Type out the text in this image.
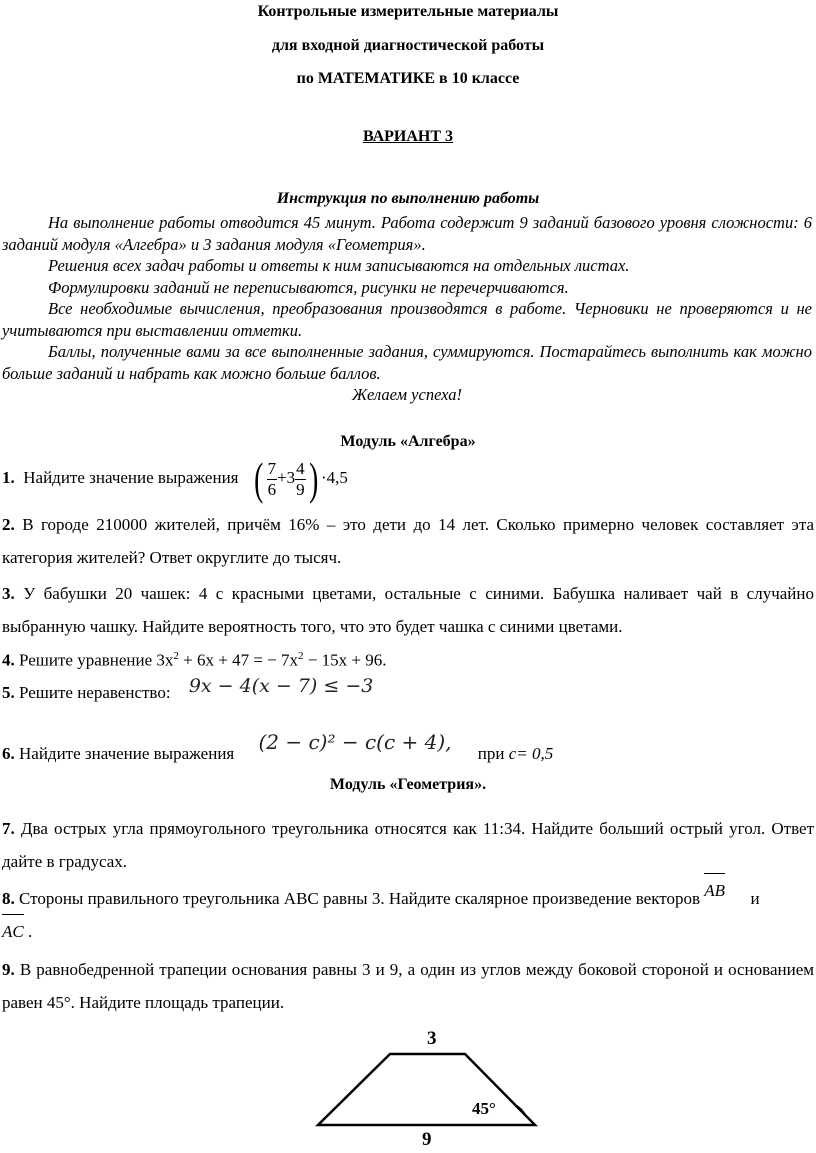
Контрольные измерительные материалы
для входной диагностической работы
по МАТЕМАТИКЕ в 10 классе
ВАРИАНТ 3
Инструкция по выполнению работы

На выполнение работы отводится 45 минут. Работа содержит 9 заданий базового уровня сложности: 6 заданий модуля «Алгебра» и 3 задания модуля «Геометрия».

Решения всех задач работы и ответы к ним записываются на отдельных листах.

Формулировки заданий не переписываются, рисунки не перечерчиваются.

Все необходимые вычисления, преобразования производятся в работе. Черновики не проверяются и не учитываются при выставлении отметки.

Баллы, полученные вами за все выполненные задания, суммируются. Постарайтесь выполнить как можно больше заданий и набрать как можно больше баллов.

Желаем успеха!

Модуль «Алгебра»
1. Найдите значение выражения ( $\frac{7}{6} +3 \frac{4}{9}$ ) ·4,5
2. В городе 210000 жителей, причём 16% – это дети до 14 лет. Сколько примерно человек составляет эта категория жителей? Ответ округлите до тысяч.
3. У бабушки 20 чашек: 4 с красными цветами, остальные с синими. Бабушка наливает чай в случайно выбранную чашку. Найдите вероятность того, что это будет чашка с синими цветами.
4. Решите уравнение $3x^2 + 6x + 47$ = − $7x^2 - 15x + 96$.
5. Решите неравенство: 9x − 4(x − 7) ≤ −3
6. Найдите значение выражения (2 − c)² − c(c + 4), при c= 0,5
Модуль «Геометрия».
7. Два острых угла прямоугольного треугольника относятся как 11:34. Найдите больший острый угол. Ответ дайте в градусах.
8. Стороны правильного треугольника ABC равны 3. Найдите скалярное произведение векторов AB и
AC .
9. В равнобедренной трапеции основания равны 3 и 9, а один из углов между боковой стороной и основанием равен 45°. Найдите площадь трапеции.
3
9
45°
